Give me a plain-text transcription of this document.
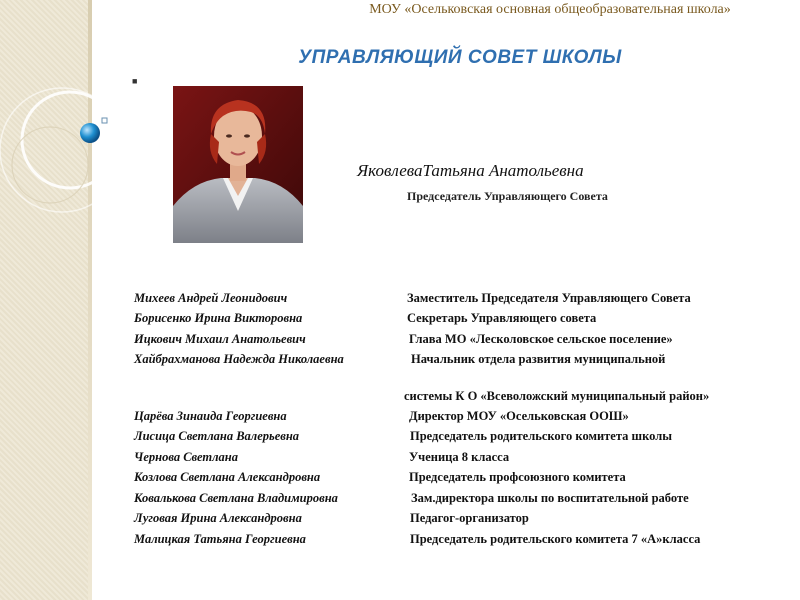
МОУ «Осельковская основная общеобразовательная школа»
УПРАВЛЯЮЩИЙ СОВЕТ ШКОЛЫ
■
ЯковлеваТатьяна Анатольевна
Председатель Управляющего Совета
Михеев Андрей Леонидович	Заместитель Председателя Управляющего Совета
Борисенко Ирина Викторовна	Секретарь Управляющего совета
Ицкович Михаил Анатольевич	Глава МО «Лесколовское сельское поселение»
Хайбрахманова Надежда Николаевна	Начальник отдела развития муниципальной
системы К О «Всеволожский муниципальный район»
Царёва Зинаида Георгиевна	Директор МОУ «Осельковская ООШ»
Лисица Светлана Валерьевна	Председатель родительского комитета школы
Чернова Светлана	Ученица 8 класса
Козлова Светлана Александровна	Председатель профсоюзного комитета
Ковалькова Светлана Владимировна	Зам.директора школы по воспитательной работе
Луговая Ирина Александровна	Педагог-организатор
Малицкая Татьяна Георгиевна	Председатель родительского комитета 7 «А»класса
